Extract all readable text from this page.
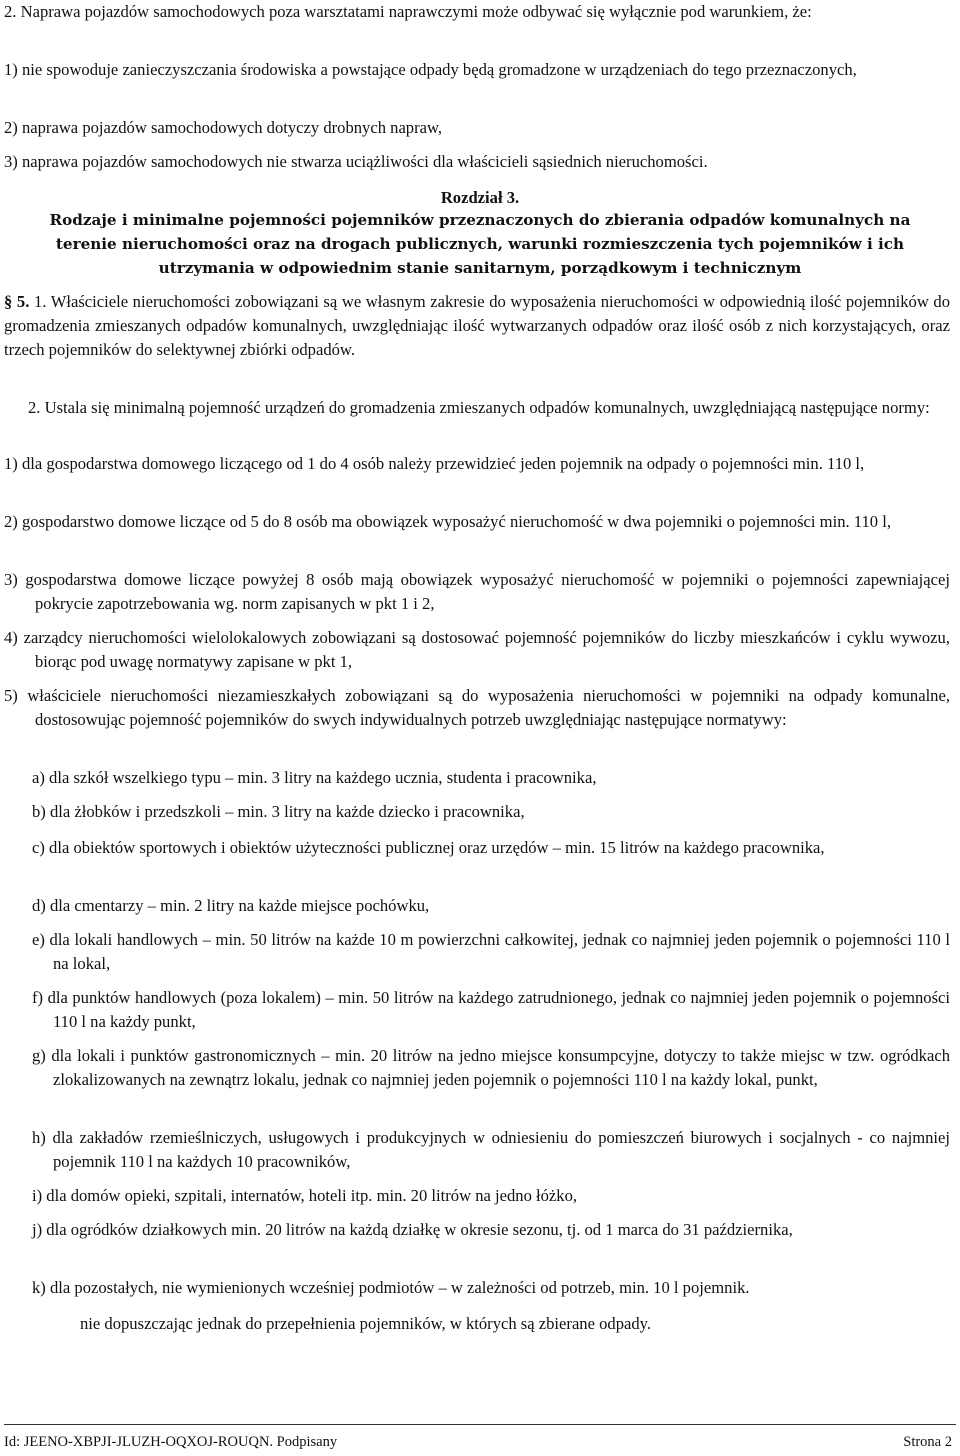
2. Naprawa pojazdów samochodowych poza warsztatami naprawczymi może odbywać się wyłącznie pod warunkiem, że:
1) nie spowoduje zanieczyszczania środowiska a powstające odpady będą gromadzone w urządzeniach do tego przeznaczonych,
2) naprawa pojazdów samochodowych dotyczy drobnych napraw,
3) naprawa pojazdów samochodowych nie stwarza uciążliwości dla właścicieli sąsiednich nieruchomości.
Rozdział 3.
Rodzaje i minimalne pojemności pojemników przeznaczonych do zbierania odpadów komunalnych na terenie nieruchomości oraz na drogach publicznych, warunki rozmieszczenia tych pojemników i ich utrzymania w odpowiednim stanie sanitarnym, porządkowym i technicznym
§ 5. 1. Właściciele nieruchomości zobowiązani są we własnym zakresie do wyposażenia nieruchomości w odpowiednią ilość pojemników do gromadzenia zmieszanych odpadów komunalnych, uwzględniając ilość wytwarzanych odpadów oraz ilość osób z nich korzystających, oraz trzech pojemników do selektywnej zbiórki odpadów.
2. Ustala się minimalną pojemność urządzeń do gromadzenia zmieszanych odpadów komunalnych, uwzględniającą następujące normy:
1) dla gospodarstwa domowego liczącego od 1 do 4 osób należy przewidzieć jeden pojemnik na odpady o pojemności min. 110 l,
2) gospodarstwo domowe liczące od 5 do 8 osób ma obowiązek wyposażyć nieruchomość w dwa pojemniki o pojemności min. 110 l,
3) gospodarstwa domowe liczące powyżej 8 osób mają obowiązek wyposażyć nieruchomość w pojemniki o pojemności zapewniającej pokrycie zapotrzebowania wg. norm zapisanych w pkt 1 i 2,
4) zarządcy nieruchomości wielolokalowych zobowiązani są dostosować pojemność pojemników do liczby mieszkańców i cyklu wywozu, biorąc pod uwagę normatywy zapisane w pkt 1,
5) właściciele nieruchomości niezamieszkałych zobowiązani są do wyposażenia nieruchomości w pojemniki na odpady komunalne, dostosowując pojemność pojemników do swych indywidualnych potrzeb uwzględniając następujące normatywy:
a) dla szkół wszelkiego typu – min. 3 litry na każdego ucznia, studenta i pracownika,
b) dla żłobków i przedszkoli – min. 3 litry na każde dziecko i pracownika,
c) dla obiektów sportowych i obiektów użyteczności publicznej oraz urzędów – min. 15 litrów na każdego pracownika,
d) dla cmentarzy – min. 2 litry na każde miejsce pochówku,
e) dla lokali handlowych – min. 50 litrów na każde 10 m powierzchni całkowitej, jednak co najmniej jeden pojemnik o pojemności 110 l na lokal,
f) dla punktów handlowych (poza lokalem) – min. 50 litrów na każdego zatrudnionego, jednak co najmniej jeden pojemnik o pojemności 110 l na każdy punkt,
g) dla lokali i punktów gastronomicznych – min. 20 litrów na jedno miejsce konsumpcyjne, dotyczy to także miejsc w tzw. ogródkach zlokalizowanych na zewnątrz lokalu, jednak co najmniej jeden pojemnik o pojemności 110 l na każdy lokal, punkt,
h) dla zakładów rzemieślniczych, usługowych i produkcyjnych w odniesieniu do pomieszczeń biurowych i socjalnych - co najmniej pojemnik 110 l na każdych 10 pracowników,
i) dla domów opieki, szpitali, internatów, hoteli itp. min. 20 litrów na jedno łóżko,
j) dla ogródków działkowych min. 20 litrów na każdą działkę w okresie sezonu, tj. od 1 marca do 31 października,
k) dla pozostałych, nie wymienionych wcześniej podmiotów – w zależności od potrzeb, min. 10 l pojemnik.
nie dopuszczając jednak do przepełnienia pojemników, w których są zbierane odpady.
Id: JEENO-XBPJI-JLUZH-OQXOJ-ROUQN. Podpisany	Strona 2
